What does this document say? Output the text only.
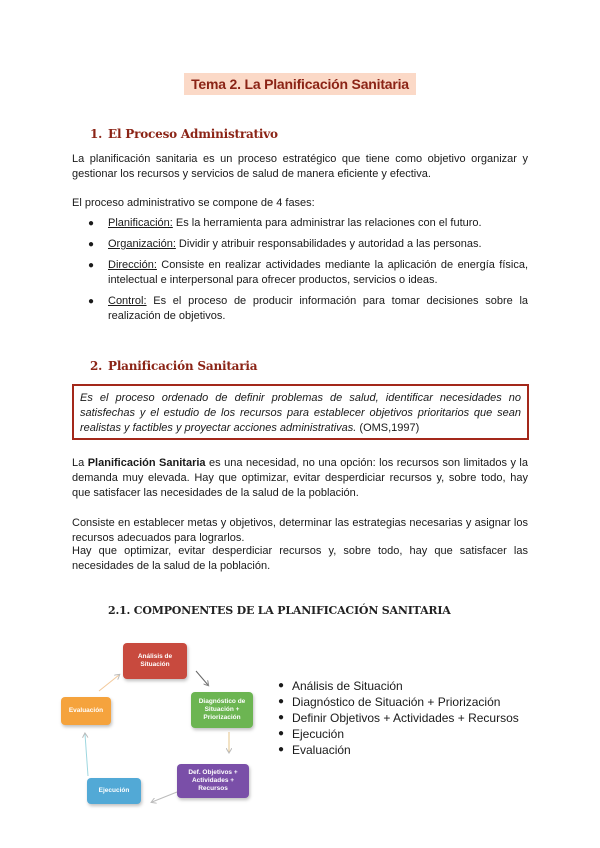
Tema 2. La Planificación Sanitaria
1. El Proceso Administrativo

La planificación sanitaria es un proceso estratégico que tiene como objetivo organizar y gestionar los recursos y servicios de salud de manera eficiente y efectiva.

El proceso administrativo se compone de 4 fases:

● Planificación: Es la herramienta para administrar las relaciones con el futuro.
● Organización: Dividir y atribuir responsabilidades y autoridad a las personas.
● Dirección: Consiste en realizar actividades mediante la aplicación de energía física, intelectual e interpersonal para ofrecer productos, servicios o ideas.
● Control: Es el proceso de producir información para tomar decisiones sobre la realización de objetivos.
2. Planificación Sanitaria
Es el proceso ordenado de definir problemas de salud, identificar necesidades no satisfechas y el estudio de los recursos para establecer objetivos prioritarios que sean realistas y factibles y proyectar acciones administrativas. (OMS,1997)

La Planificación Sanitaria es una necesidad, no una opción: los recursos son limitados y la demanda muy elevada. Hay que optimizar, evitar desperdiciar recursos y, sobre todo, hay que satisfacer las necesidades de la salud de la población.

Consiste en establecer metas y objetivos, determinar las estrategias necesarias y asignar los recursos adecuados para lograrlos.

Hay que optimizar, evitar desperdiciar recursos y, sobre todo, hay que satisfacer las necesidades de la salud de la población.

2.1. COMPONENTES DE LA PLANIFICACIÓN SANITARIA
Análisis de
Situación
Diagnóstico de
Situación +
Priorización
Def. Objetivos +
Actividades +
Recursos
Ejecución
Evaluación
● Análisis de Situación
● Diagnóstico de Situación + Priorización
● Definir Objetivos + Actividades + Recursos
● Ejecución
● Evaluación
